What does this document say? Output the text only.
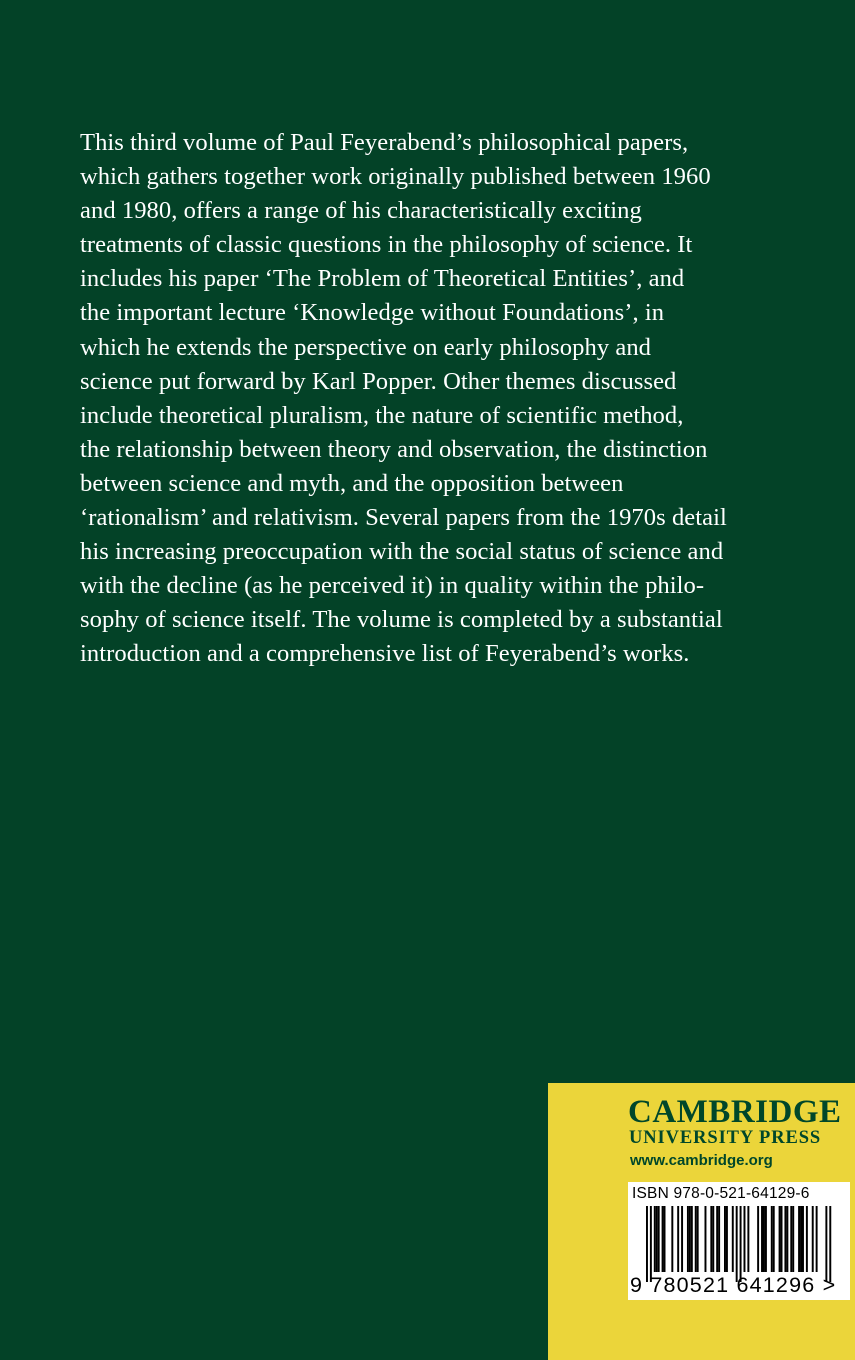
This third volume of Paul Feyerabend’s philosophical papers,
which gathers together work originally published between 1960
and 1980, offers a range of his characteristically exciting
treatments of classic questions in the philosophy of science. It
includes his paper ‘The Problem of Theoretical Entities’, and
the important lecture ‘Knowledge without Foundations’, in
which he extends the perspective on early philosophy and
science put forward by Karl Popper. Other themes discussed
include theoretical pluralism, the nature of scientific method,
the relationship between theory and observation, the distinction
between science and myth, and the opposition between
‘rationalism’ and relativism. Several papers from the 1970s detail
his increasing preoccupation with the social status of science and
with the decline (as he perceived it) in quality within the philo-
sophy of science itself. The volume is completed by a substantial
introduction and a comprehensive list of Feyerabend’s works.
CAMBRIDGE
UNIVERSITY PRESS
www.cambridge.org
ISBN 978-0-521-64129-6
9 780521 641296 >
